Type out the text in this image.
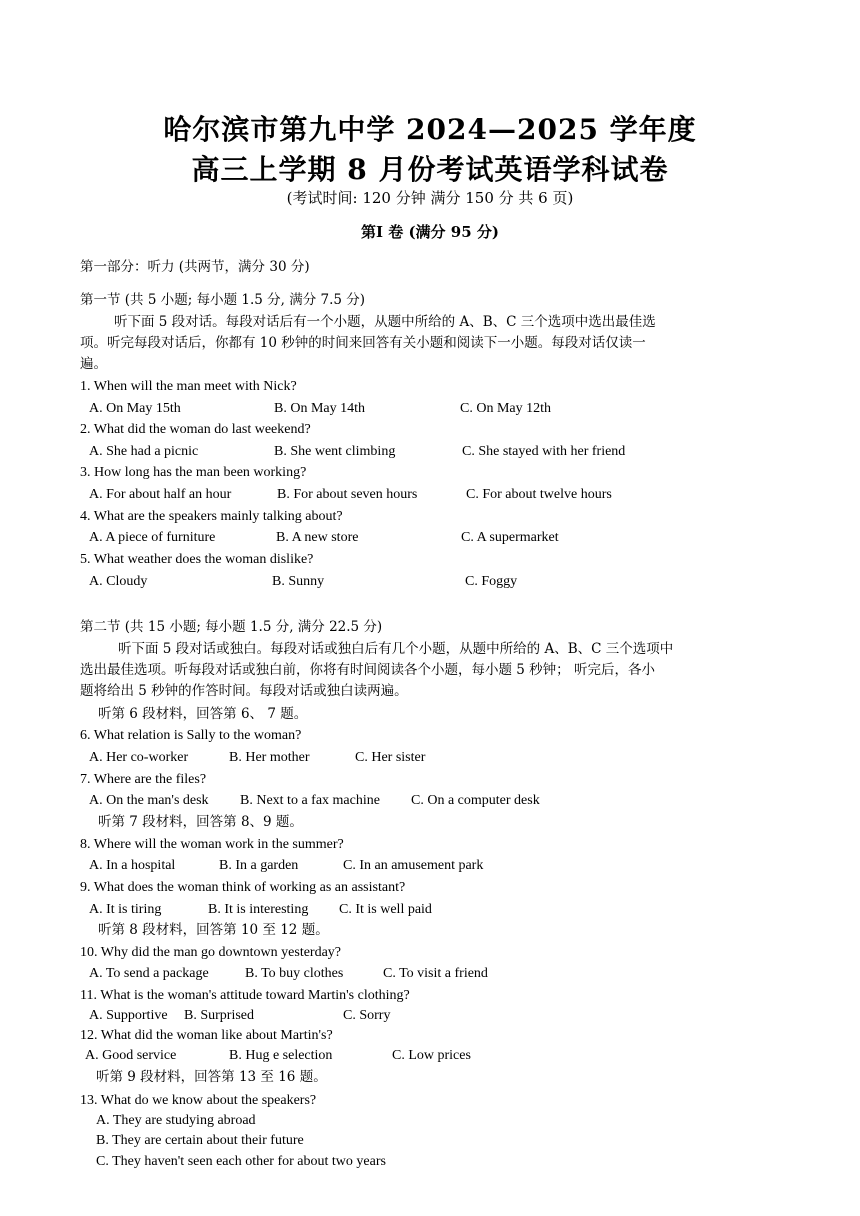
哈尔滨市第九中学 2024—2025 学年度
高三上学期 8 月份考试英语学科试卷
(考试时间: 120 分钟 满分 150 分 共 6 页)
第Ⅰ 卷 (满分 95 分)
第一部分：听力 (共两节，满分 30 分)
第一节 (共 5 小题; 每小题 1.5 分, 满分 7.5 分)
听下面 5 段对话。每段对话后有一个小题，从题中所给的 A、B、C 三个选项中选出最佳选
项。听完每段对话后，你都有 10 秒钟的时间来回答有关小题和阅读下一小题。每段对话仅读一
遍。
1. When will the man meet with Nick?
A. On May 15th	B. On May 14th	C. On May 12th
2. What did the woman do last weekend?
A. She had a picnic	B. She went climbing	C. She stayed with her friend
3. How long has the man been working?
A. For about half an hour	B. For about seven hours	C. For about twelve hours
4. What are the speakers mainly talking about?
A. A piece of furniture	B. A new store	C. A supermarket
5. What weather does the woman dislike?
A. Cloudy	B. Sunny	C. Foggy
第二节 (共 15 小题; 每小题 1.5 分, 满分 22.5 分)
听下面 5 段对话或独白。每段对话或独白后有几个小题，从题中所给的 A、B、C 三个选项中
选出最佳选项。听每段对话或独白前，你将有时间阅读各个小题，每小题 5 秒钟； 听完后，各小
题将给出 5 秒钟的作答时间。每段对话或独白读两遍。
听第 6 段材料，回答第 6、 7 题。
6. What relation is Sally to the woman?
A. Her co-worker	B. Her mother	C. Her sister
7. Where are the files?
A. On the man's desk B. Next to a fax machine C. On a computer desk
听第 7 段材料，回答第 8、9 题。
8. Where will the woman work in the summer?
A. In a hospital	B. In a garden	C. In an amusement park
9. What does the woman think of working as an assistant?
A. It is tiring	B. It is interesting C. It is well paid
听第 8 段材料，回答第 10 至 12 题。
10. Why did the man go downtown yesterday?
A. To send a package	B. To buy clothes	C. To visit a friend
11. What is the woman's attitude toward Martin's clothing?
A. Supportive B. Surprised	C. Sorry
12. What did the woman like about Martin's?
A. Good service	B. Hug e selection	C. Low prices
听第 9 段材料，回答第 13 至 16 题。
13. What do we know about the speakers?
A. They are studying abroad
B. They are certain about their future
C. They haven't seen each other for about two years
